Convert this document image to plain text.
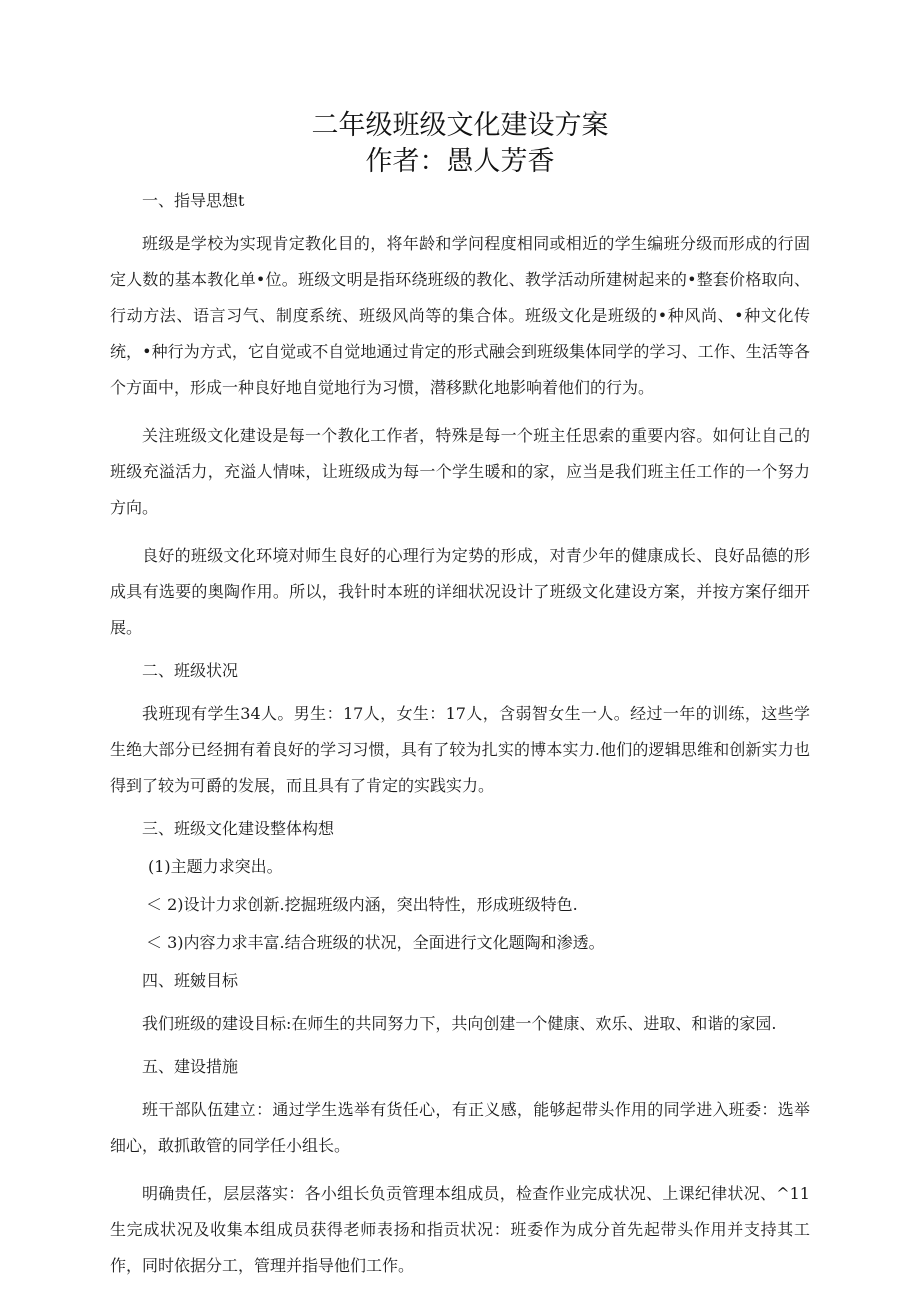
二年级班级文化建设方案
作者：愚人芳香

一、指导思想t

班级是学校为实现肯定教化目的，将年龄和学问程度相同或相近的学生编班分级而形成的行固定人数的基本教化单•位。班级文明是指环绕班级的教化、教学活动所建树起来的•整套价格取向、行动方法、语言习气、制度系统、班级风尚等的集合体。班级文化是班级的•种风尚、•种文化传统，•种行为方式，它自觉或不自觉地通过肯定的形式融会到班级集体同学的学习、工作、生活等各个方面中，形成一种良好地自觉地行为习惯，潜移默化地影响着他们的行为。

关注班级文化建设是每一个教化工作者，特殊是每一个班主任思索的重要内容。如何让自己的班级充溢活力，充溢人情味，让班级成为每一个学生暖和的家，应当是我们班主任工作的一个努力方向。

良好的班级文化环境对师生良好的心理行为定势的形成，对青少年的健康成长、良好品德的形成具有选要的奥陶作用。所以，我针时本班的详细状况设计了班级文化建设方案，并按方案仔细开展。

二、班级状况

我班现有学生34人。男生：17人，女生：17人，含弱智女生一人。经过一年的训练，这些学生绝大部分已经拥有着良好的学习习惯，具有了较为扎实的博本实力.他们的逻辑思维和创新实力也得到了较为可爵的发展，而且具有了肯定的实践实力。

三、班级文化建设整体构想

(1)主题力求突出。

＜ 2)设计力求创新.挖掘班级内涵，突出特性，形成班级特色.

＜ 3)内容力求丰富.结合班级的状况，全面进行文化题陶和渗透。

四、班皴目标

我们班级的建设目标:在师生的共同努力下，共向创建一个健康、欢乐、进取、和谐的家园.

五、建设措施

班干部队伍建立：通过学生选举有货任心，有正义感，能够起带头作用的同学进入班委：选举细心，敢抓敢管的同学任小组长。

明确贵任，层层落实：各小组长负贡管理本组成员，检查作业完成状况、上课纪律状况、^11生完成状况及收集本组成员获得老师表扬和指贡状况：班委作为成分首先起带头作用并支持其工作，同时依据分工，管理并指导他们工作。
